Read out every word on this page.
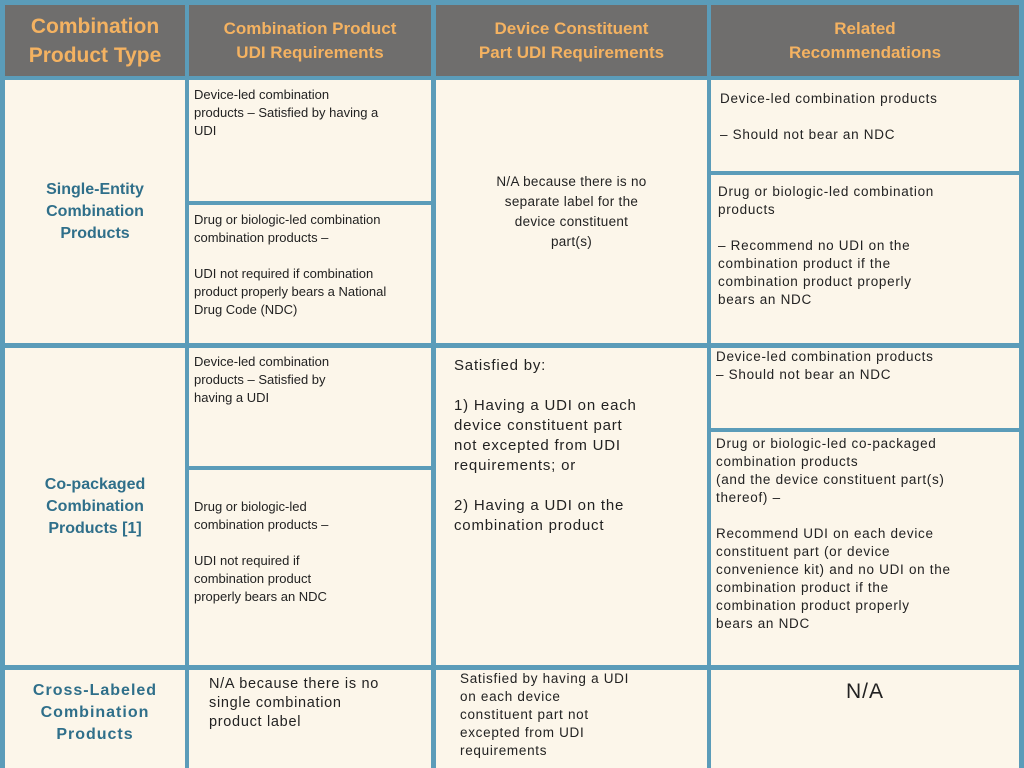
Combination
Product Type
Combination Product
UDI Requirements
Device Constituent
Part UDI Requirements
Related
Recommendations
Single-Entity
Combination
Products

Device-led combination
products – Satisfied by having a
UDI

Drug or biologic-led combination
combination products –

UDI not required if combination
product properly bears a National
Drug Code (NDC)

N/A because there is no
separate label for the
device constituent
part(s)

Device-led combination products

– Should not bear an NDC

Drug or biologic-led combination
products

– Recommend no UDI on the
combination product if the
combination product properly
bears an NDC

Co-packaged
Combination
Products [1]

Device-led combination
products – Satisfied by
having a UDI

Drug or biologic-led
combination products –

UDI not required if
combination product
properly bears an NDC

Satisfied by:

1) Having a UDI on each
device constituent part
not excepted from UDI
requirements; or

2) Having a UDI on the
combination product

Device-led combination products
– Should not bear an NDC

Drug or biologic-led co-packaged
combination products
(and the device constituent part(s)
thereof) –

Recommend UDI on each device
constituent part (or device
convenience kit) and no UDI on the
combination product if the
combination product properly
bears an NDC

Cross-Labeled
Combination
Products

N/A because there is no
single combination
product label

Satisfied by having a UDI
on each device
constituent part not
excepted from UDI
requirements

N/A
